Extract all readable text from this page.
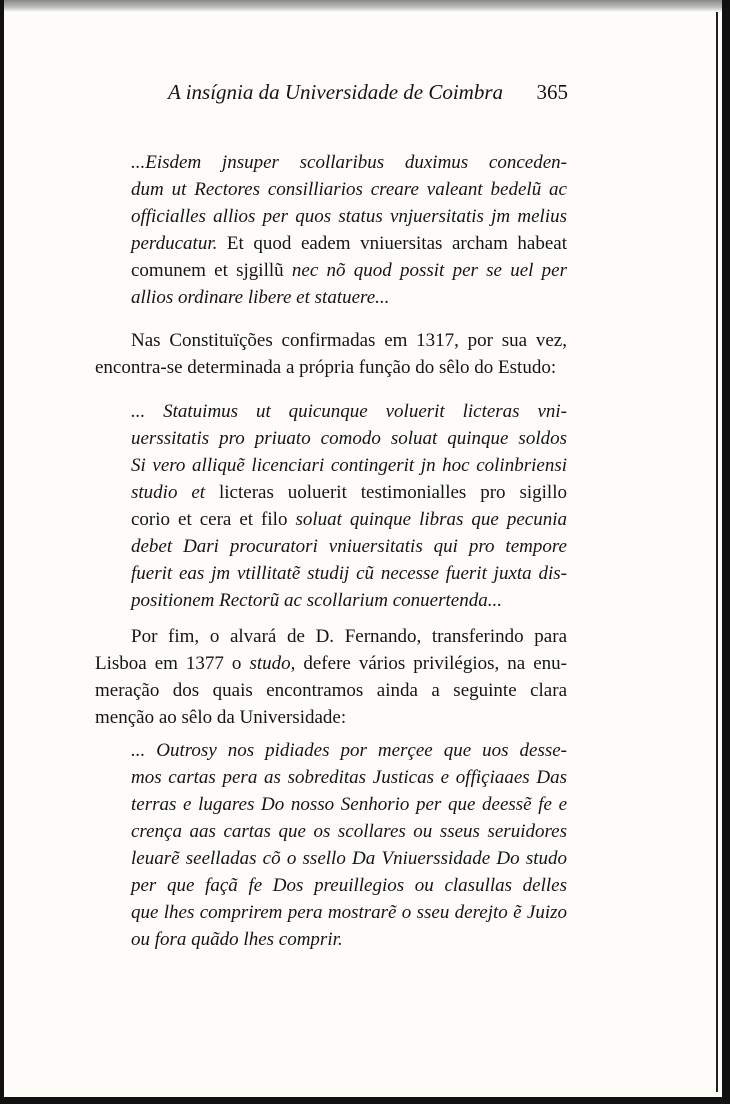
A insígnia da Universidade de Coimbra 365
...Eisdem jnsuper scollaribus duximus conceden-
dum ut Rectores consilliarios creare valeant bedelũ ac
officialles allios per quos status vnjuersitatis jm melius
perducatur. Et quod eadem vniuersitas archam habeat
comunem et sjgillũ nec nõ quod possit per se uel per
allios ordinare libere et statuere...
Nas Constituïções confirmadas em 1317, por sua vez,
encontra-se determinada a própria função do sêlo do Estudo:
... Statuimus ut quicunque voluerit licteras vni-
uerssitatis pro priuato comodo soluat quinque soldos
Si vero alliquẽ licenciari contingerit jn hoc colinbriensi
studio et licteras uoluerit testimonialles pro sigillo
corio et cera et filo soluat quinque libras que pecunia
debet Dari procuratori vniuersitatis qui pro tempore
fuerit eas jm vtillitatẽ studij cũ necesse fuerit juxta dis-
positionem Rectorũ ac scollarium conuertenda...
Por fim, o alvará de D. Fernando, transferindo para
Lisboa em 1377 o studo, defere vários privilégios, na enu-
meração dos quais encontramos ainda a seguinte clara
menção ao sêlo da Universidade:
... Outrosy nos pidiades por merçee que uos desse-
mos cartas pera as sobreditas Justicas e offiçiaaes Das
terras e lugares Do nosso Senhorio per que deessẽ fe e
crença aas cartas que os scollares ou sseus seruidores
leuarẽ seelladas cõ o ssello Da Vniuerssidade Do studo
per que façã fe Dos preuillegios ou clasullas delles
que lhes comprirem pera mostrarẽ o sseu derejto ẽ Juizo
ou fora quãdo lhes comprir.
